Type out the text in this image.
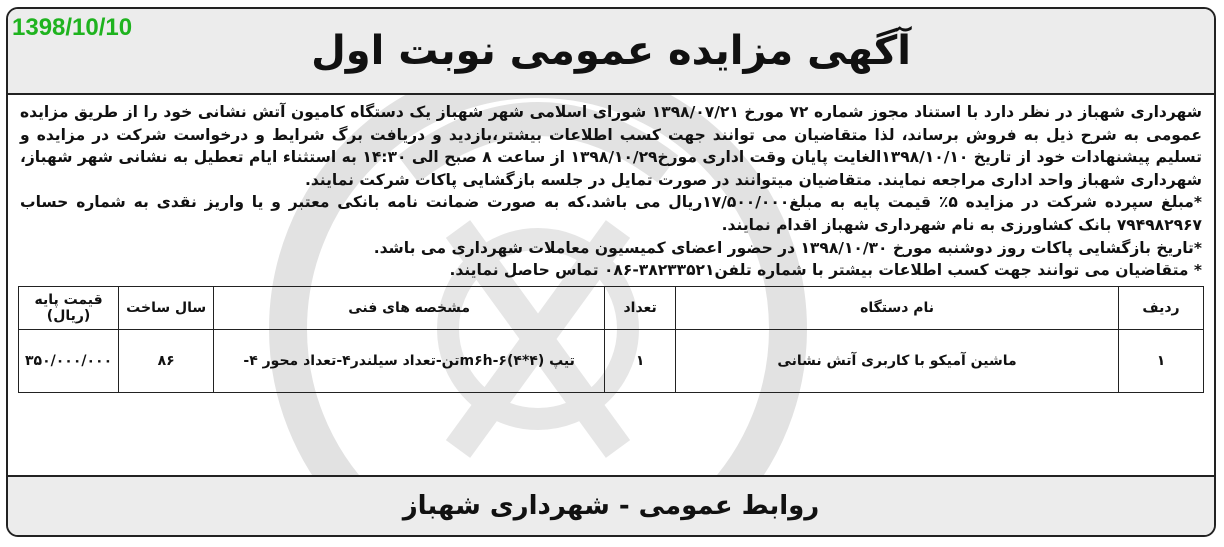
1398/10/10
آگهی مزایده عمومی نوبت اول

شهرداری شهباز در نظر دارد با استناد مجوز شماره ۷۲ مورخ ۱۳۹۸/۰۷/۲۱ شورای اسلامی شهر شهباز یک دستگاه کامیون آتش نشانی خود را از طریق مزایده عمومی به شرح ذیل به فروش برساند، لذا متقاضیان می توانند جهت کسب اطلاعات بیشتر،بازدید و دریافت برگ شرایط و درخواست شرکت در مزایده و تسلیم پیشنهادات خود از تاریخ ۱۳۹۸/۱۰/۱۰الغایت پایان وقت اداری مورخ۱۳۹۸/۱۰/۲۹ از ساعت ۸ صبح الی ۱۴:۳۰ به استثناء ایام تعطیل به نشانی شهر شهباز، شهرداری شهباز واحد اداری مراجعه نمایند. متقاضیان میتوانند در صورت تمایل در جلسه بازگشایی پاکات شرکت نمایند.

*مبلغ سپرده شرکت در مزایده ۵٪ قیمت پایه به مبلغ۱۷/۵۰۰/۰۰۰ریال می باشد.که به صورت ضمانت نامه بانکی معتبر و یا واریز نقدی به شماره حساب ۷۹۴۹۸۲۹۶۷ بانک کشاورزی به نام شهرداری شهباز اقدام نمایند.

*تاریخ بازگشایی پاکات روز دوشنبه مورخ ۱۳۹۸/۱۰/۳۰ در حضور اعضای کمیسیون معاملات شهرداری می باشد.

* متقاضیان می توانند جهت کسب اطلاعات بیشتر با شماره تلفن۳۸۲۳۳۵۲۱-۰۸۶ تماس حاصل نمایند.

ردیف	نام دستگاه	تعداد	مشخصه های فنی	سال ساخت	قیمت پایه (ریال)
۱	ماشین آمیکو با کاربری آتش نشانی	۱	تیپ (۴*۴)m۶h-۶تن-تعداد سیلندر۴-تعداد محور ۴-	۸۶	۳۵۰/۰۰۰/۰۰۰
روابط عمومی - شهرداری شهباز
